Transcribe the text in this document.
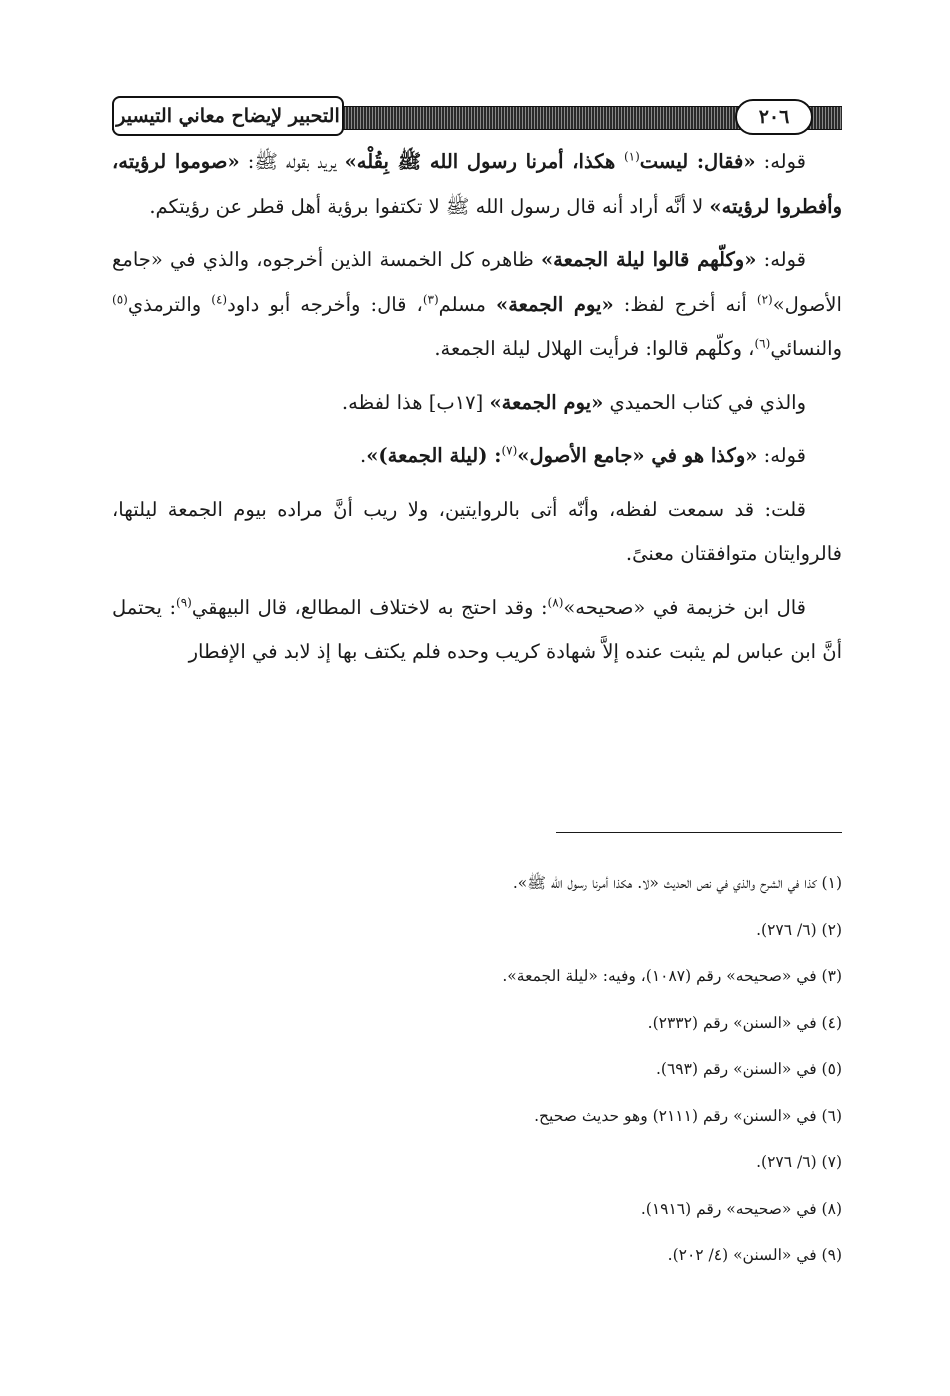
التحبير لإيضاح معاني التيسير	٢٠٦

قوله: «فقال: ليست$^{(١)}$ هكذا، أمرنا رسول الله ﷺ بِقُلْه» يريد بقوله ﷺ: «صوموا لرؤيته، وأفطروا لرؤيته» لا أنَّه أراد أنه قال رسول الله ﷺ لا تكتفوا برؤية أهل قطر عن رؤيتكم.

قوله: «وكلّهم قالوا ليلة الجمعة» ظاهره كل الخمسة الذين أخرجوه، والذي في «جامع الأصول»$^{(٢)}$ أنه أخرج لفظ: «يوم الجمعة» مسلم$^{(٣)}$، قال: وأخرجه أبو داود$^{(٤)}$ والترمذي$^{(٥)}$ والنسائي$^{(٦)}$، وكلّهم قالوا: فرأيت الهلال ليلة الجمعة.

والذي في كتاب الحميدي «يوم الجمعة» [١٧ب] هذا لفظه.

قوله: «وكذا هو في «جامع الأصول»$^{(٧)}$: (ليلة الجمعة)».

قلت: قد سمعت لفظه، وأنّه أتى بالروايتين، ولا ريب أنَّ مراده بيوم الجمعة ليلتها، فالروايتان متوافقتان معنىً.

قال ابن خزيمة في «صحيحه»$^{(٨)}$: وقد احتج به لاختلاف المطالع، قال البيهقي$^{(٩)}$: يحتمل أنَّ ابن عباس لم يثبت عنده إلاَّ شهادة كريب وحده فلم يكتف بها إذ لابد في الإفطار

(١) كذا في الشرح والذي في نص الحديث «لا. هكذا أمرنا رسول الله ﷺ».
(٢) (٦/ ٢٧٦).
(٣) في «صحيحه» رقم (١٠٨٧)، وفيه: «ليلة الجمعة».
(٤) في «السنن» رقم (٢٣٣٢).
(٥) في «السنن» رقم (٦٩٣).
(٦) في «السنن» رقم (٢١١١) وهو حديث صحيح.
(٧) (٦/ ٢٧٦).
(٨) في «صحيحه» رقم (١٩١٦).
(٩) في «السنن» (٤/ ٢٠٢).
